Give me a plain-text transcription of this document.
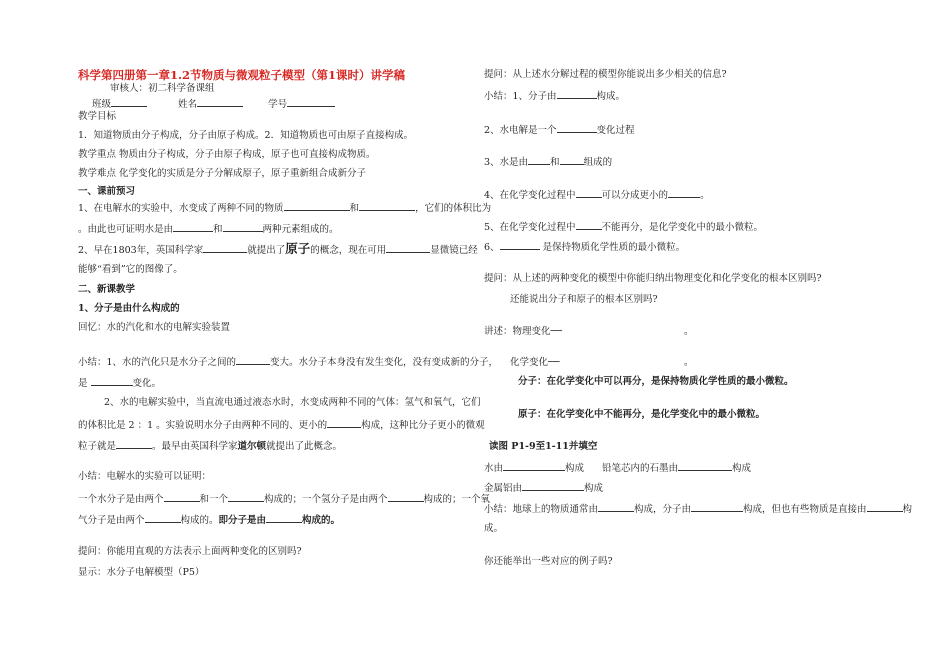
科学第四册第一章1.2节物质与微观粒子模型（第1课时）讲学稿
审核人：初二科学备课组
班级	姓名	学号
教学目标
1．知道物质由分子构成，分子由原子构成。2．知道物质也可由原子直接构成。
教学重点 物质由分子构成，分子由原子构成，原子也可直接构成物质。
教学难点 化学变化的实质是分子分解成原子，原子重新组合成新分子
一、课前预习
1、在电解水的实验中，水变成了两种不同的物质	和	，它们的体积比为
。由此也可证明水是由	和	两种元素组成的。
2、早在1803年，英国科学家	就提出了原子的概念，现在可用	显微镜已经
能够“看到”它的图像了。
二、新课教学
1、分子是由什么构成的
回忆：水的汽化和水的电解实验装置
小结：1、水的汽化只是水分子之间的	变大。水分子本身没有发生变化，没有变成新的分子，
是	变化。
2、水的电解实验中，当直流电通过液态水时，水变成两种不同的气体：氢气和氧气，它们
的体积比是 2 ：1 。实验说明水分子由两种不同的、更小的	构成，这种比分子更小的微观
粒子就是	。最早由英国科学家道尔顿就提出了此概念。
小结：电解水的实验可以证明：
一个水分子是由两个	和一个	构成的；一个氢分子是由两个	构成的；一个氧
气分子是由两个	构成的。即分子是由	构成的。
提问：你能用直观的方法表示上面两种变化的区别吗?
显示：水分子电解模型（P5）
提问：从上述水分解过程的模型你能说出多少相关的信息?
小结：1、分子由	构成。
2、水电解是一个	变化过程
3、水是由 和	组成的
4、在化学变化过程中	可以分成更小的	。
5、在化学变化过程中	不能再分，是化学变化中的最小微粒。
6、	是保持物质化学性质的最小微粒。
提问：从上述的两种变化的模型中你能归纳出物理变化和化学变化的根本区别吗?
还能说出分子和原子的根本区别吗?
讲述：物理变化──	。
化学变化──	。
分子：在化学变化中可以再分，是保持物质化学性质的最小微粒。
原子：在化学变化中不能再分，是化学变化中的最小微粒。
读图 P1-9至1-11并填空
水由	构成 铅笔芯内的石墨由	构成
金属铝由	构成
小结：地球上的物质通常由	构成，分子由	构成，但也有些物质是直接由	构
成。
你还能举出一些对应的例子吗?
